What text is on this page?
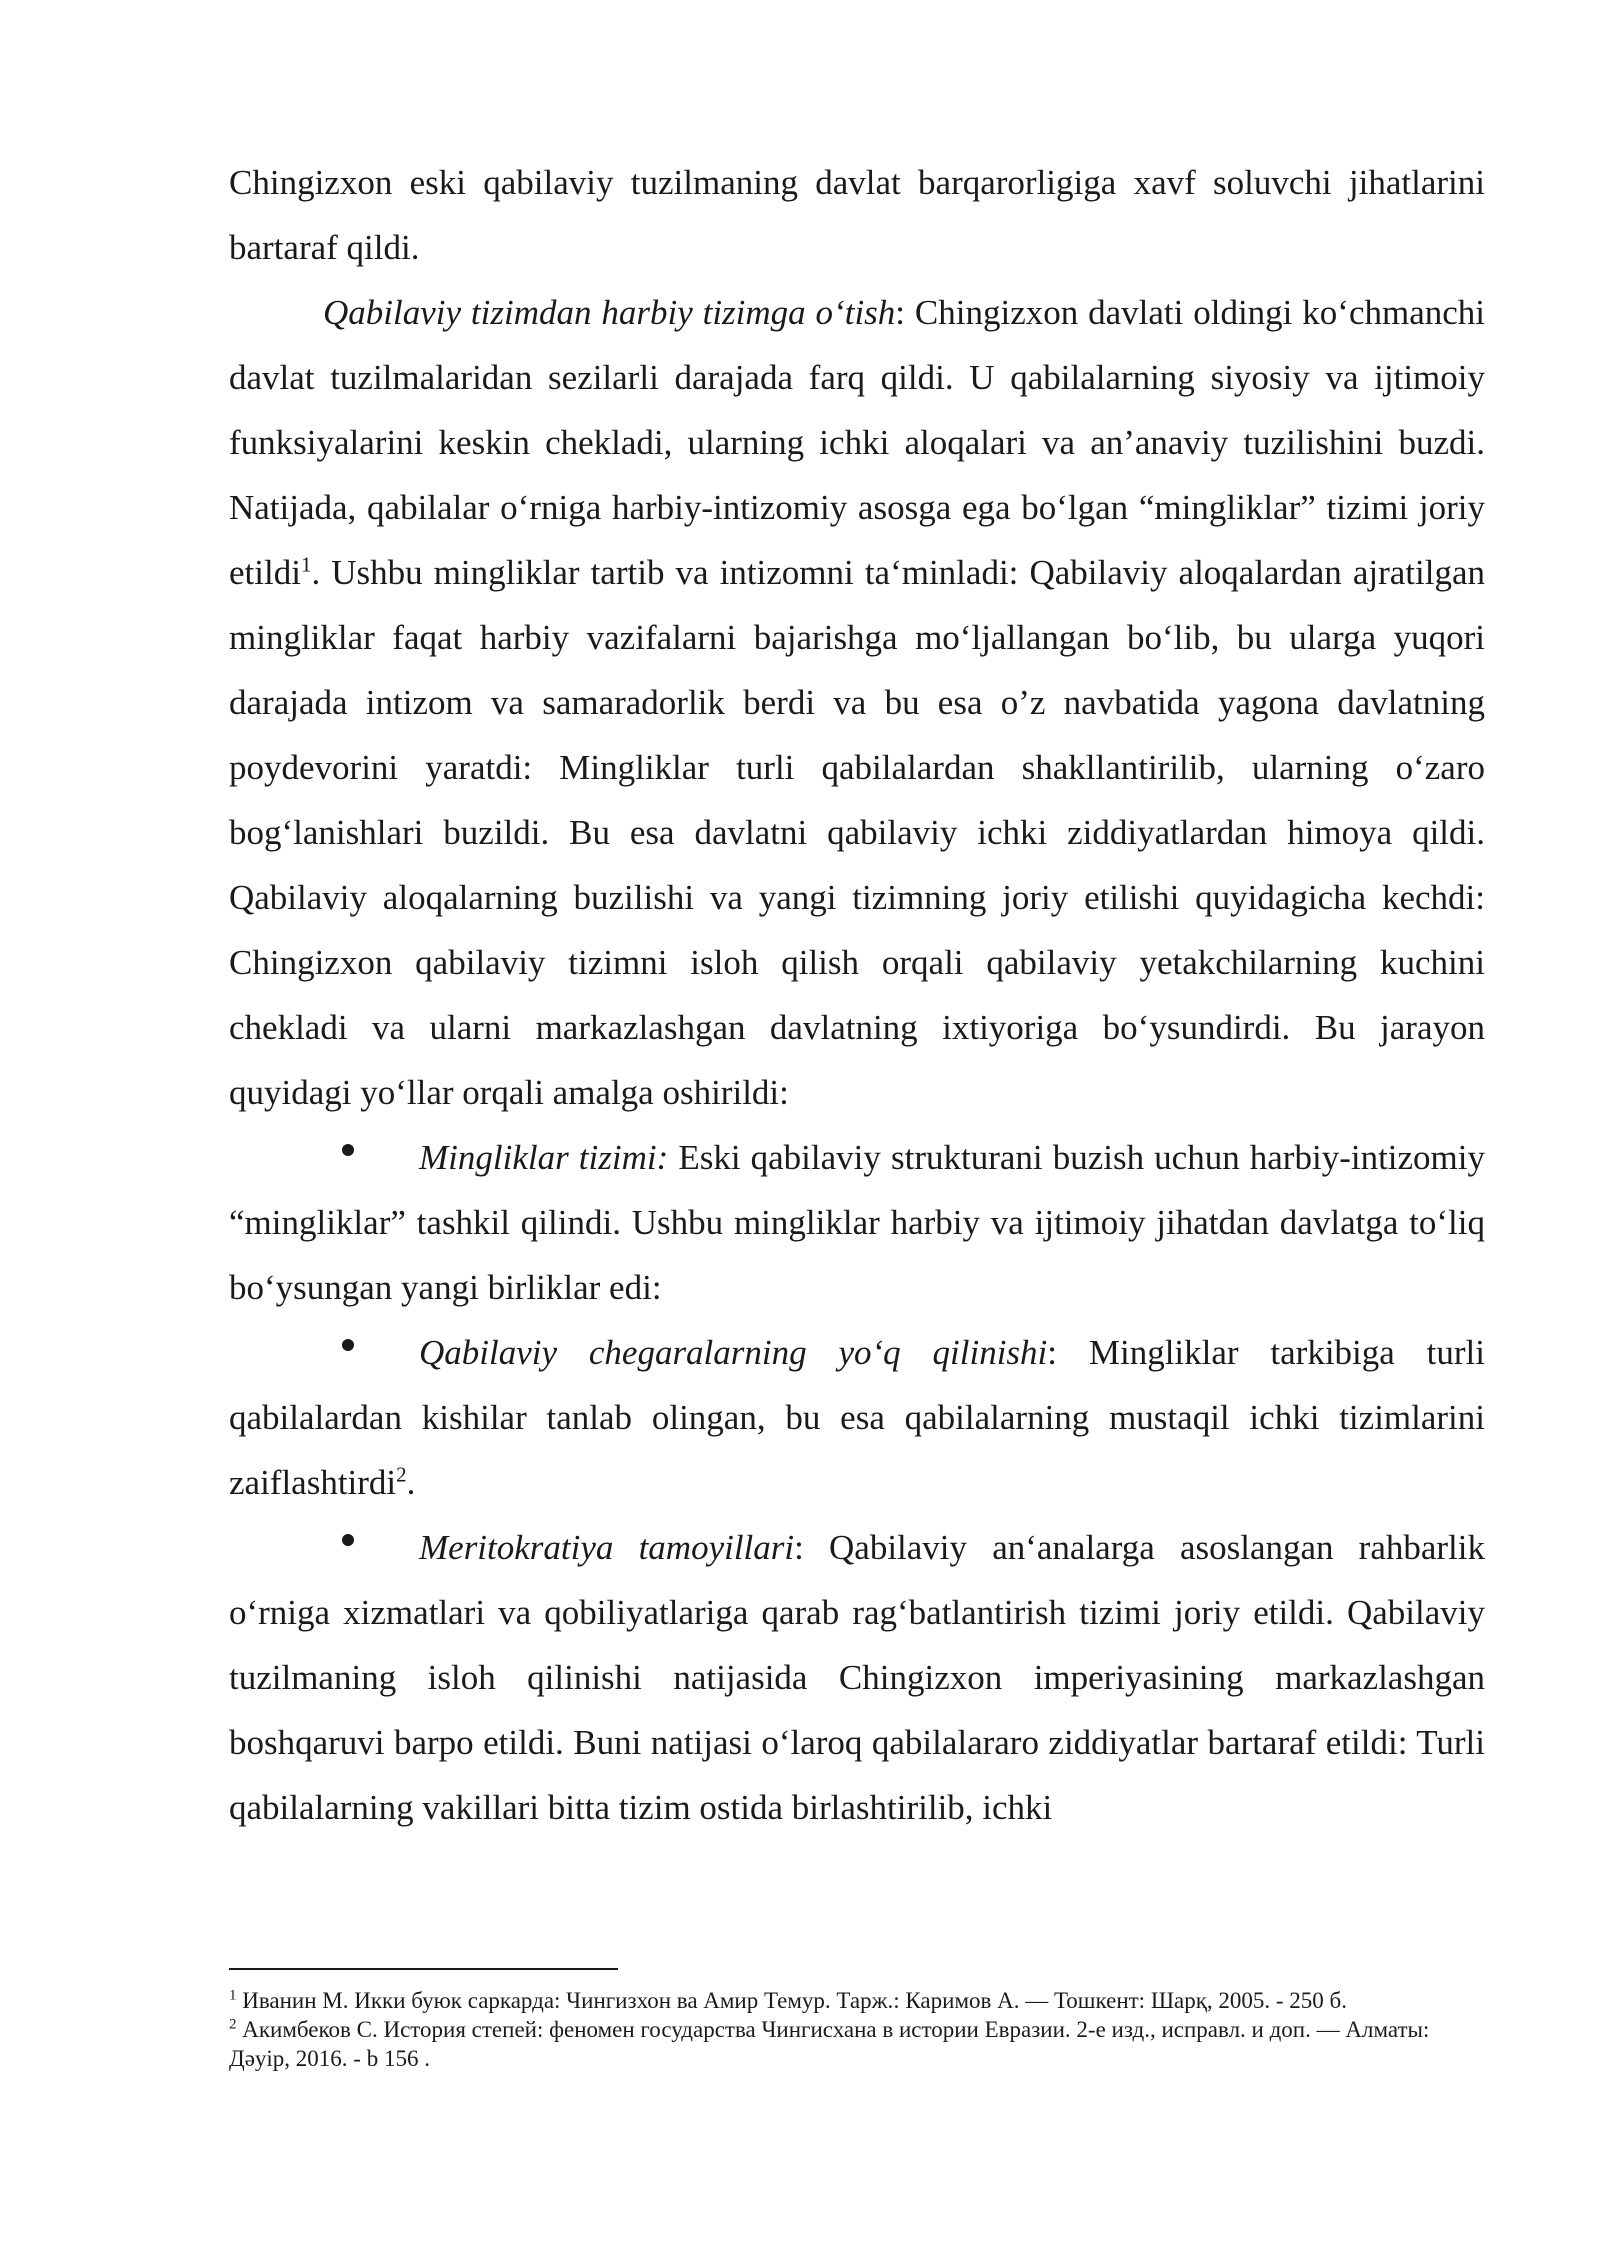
Chingizxon eski qabilaviy tuzilmaning davlat barqarorligiga xavf soluvchi jihatlarini bartaraf qildi.

Qabilaviy tizimdan harbiy tizimga o‘tish: Chingizxon davlati oldingi ko‘chmanchi davlat tuzilmalaridan sezilarli darajada farq qildi. U qabilalarning siyosiy va ijtimoiy funksiyalarini keskin chekladi, ularning ichki aloqalari va an’anaviy tuzilishini buzdi. Natijada, qabilalar o‘rniga harbiy-intizomiy asosga ega bo‘lgan “mingliklar” tizimi joriy etildi$^1$. Ushbu mingliklar tartib va intizomni ta‘minladi: Qabilaviy aloqalardan ajratilgan mingliklar faqat harbiy vazifalarni bajarishga mo‘ljallangan bo‘lib, bu ularga yuqori darajada intizom va samaradorlik berdi va bu esa o’z navbatida yagona davlatning poydevorini yaratdi: Mingliklar turli qabilalardan shakllantirilib, ularning o‘zaro bog‘lanishlari buzildi. Bu esa davlatni qabilaviy ichki ziddiyatlardan himoya qildi. Qabilaviy aloqalarning buzilishi va yangi tizimning joriy etilishi quyidagicha kechdi: Chingizxon qabilaviy tizimni isloh qilish orqali qabilaviy yetakchilarning kuchini chekladi va ularni markazlashgan davlatning ixtiyoriga bo‘ysundirdi. Bu jarayon quyidagi yo‘llar orqali amalga oshirildi:

Mingliklar tizimi: Eski qabilaviy strukturani buzish uchun harbiy-intizomiy “mingliklar” tashkil qilindi. Ushbu mingliklar harbiy va ijtimoiy jihatdan davlatga to‘liq bo‘ysungan yangi birliklar edi:

Qabilaviy chegaralarning yo‘q qilinishi: Mingliklar tarkibiga turli qabilalardan kishilar tanlab olingan, bu esa qabilalarning mustaqil ichki tizimlarini zaiflashtirdi$^2$.

Meritokratiya tamoyillari: Qabilaviy an‘analarga asoslangan rahbarlik o‘rniga xizmatlari va qobiliyatlariga qarab rag‘batlantirish tizimi joriy etildi. Qabilaviy tuzilmaning isloh qilinishi natijasida Chingizxon imperiyasining markazlashgan boshqaruvi barpo etildi. Buni natijasi o‘laroq qabilalararo ziddiyatlar bartaraf etildi: Turli qabilalarning vakillari bitta tizim ostida birlashtirilib, ichki

$^1$ Иванин М. Икки буюк саркарда: Чингизхон ва Амир Темур. Тарж.: Каримов А. — Тошкент: Шарқ, 2005. - 250 б.

$^2$ Акимбеков С. История степей: феномен государства Чингисхана в истории Евразии. 2-е изд., исправл. и доп. — Алматы: Дәуір, 2016. - b 156 .
